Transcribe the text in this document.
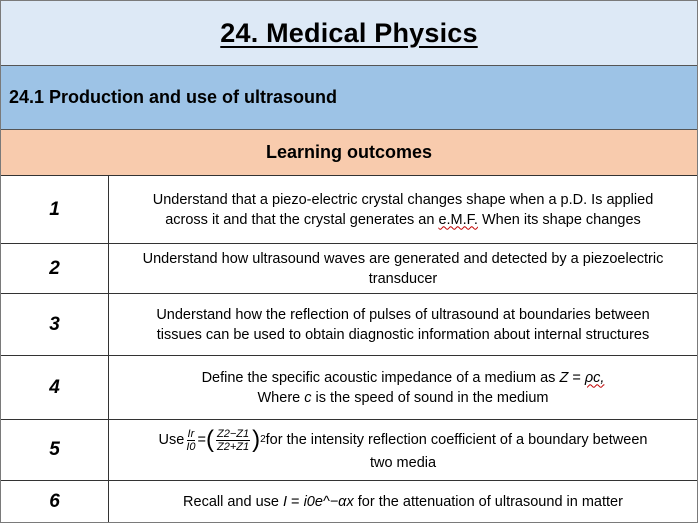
24. Medical Physics
24.1 Production and use of ultrasound
Learning outcomes
1	Understand that a piezo-electric crystal changes shape when a p.D. Is applied
across it and that the crystal generates an e.M.F. When its shape changes
2	Understand how ultrasound waves are generated and detected by a piezoelectric
transducer
3	Understand how the reflection of pulses of ultrasound at boundaries between
tissues can be used to obtain diagnostic information about internal structures
4	Define the specific acoustic impedance of a medium as Z = ρc,
Where c is the speed of sound in the medium
5	Use $\frac{Ir}{I0}$ = ( $\frac{Z2-Z1}{Z2+Z1}$ ) 2 for the intensity reflection coefficient of a boundary between
two media
6	Recall and use I = i0e^−αx for the attenuation of ultrasound in matter
